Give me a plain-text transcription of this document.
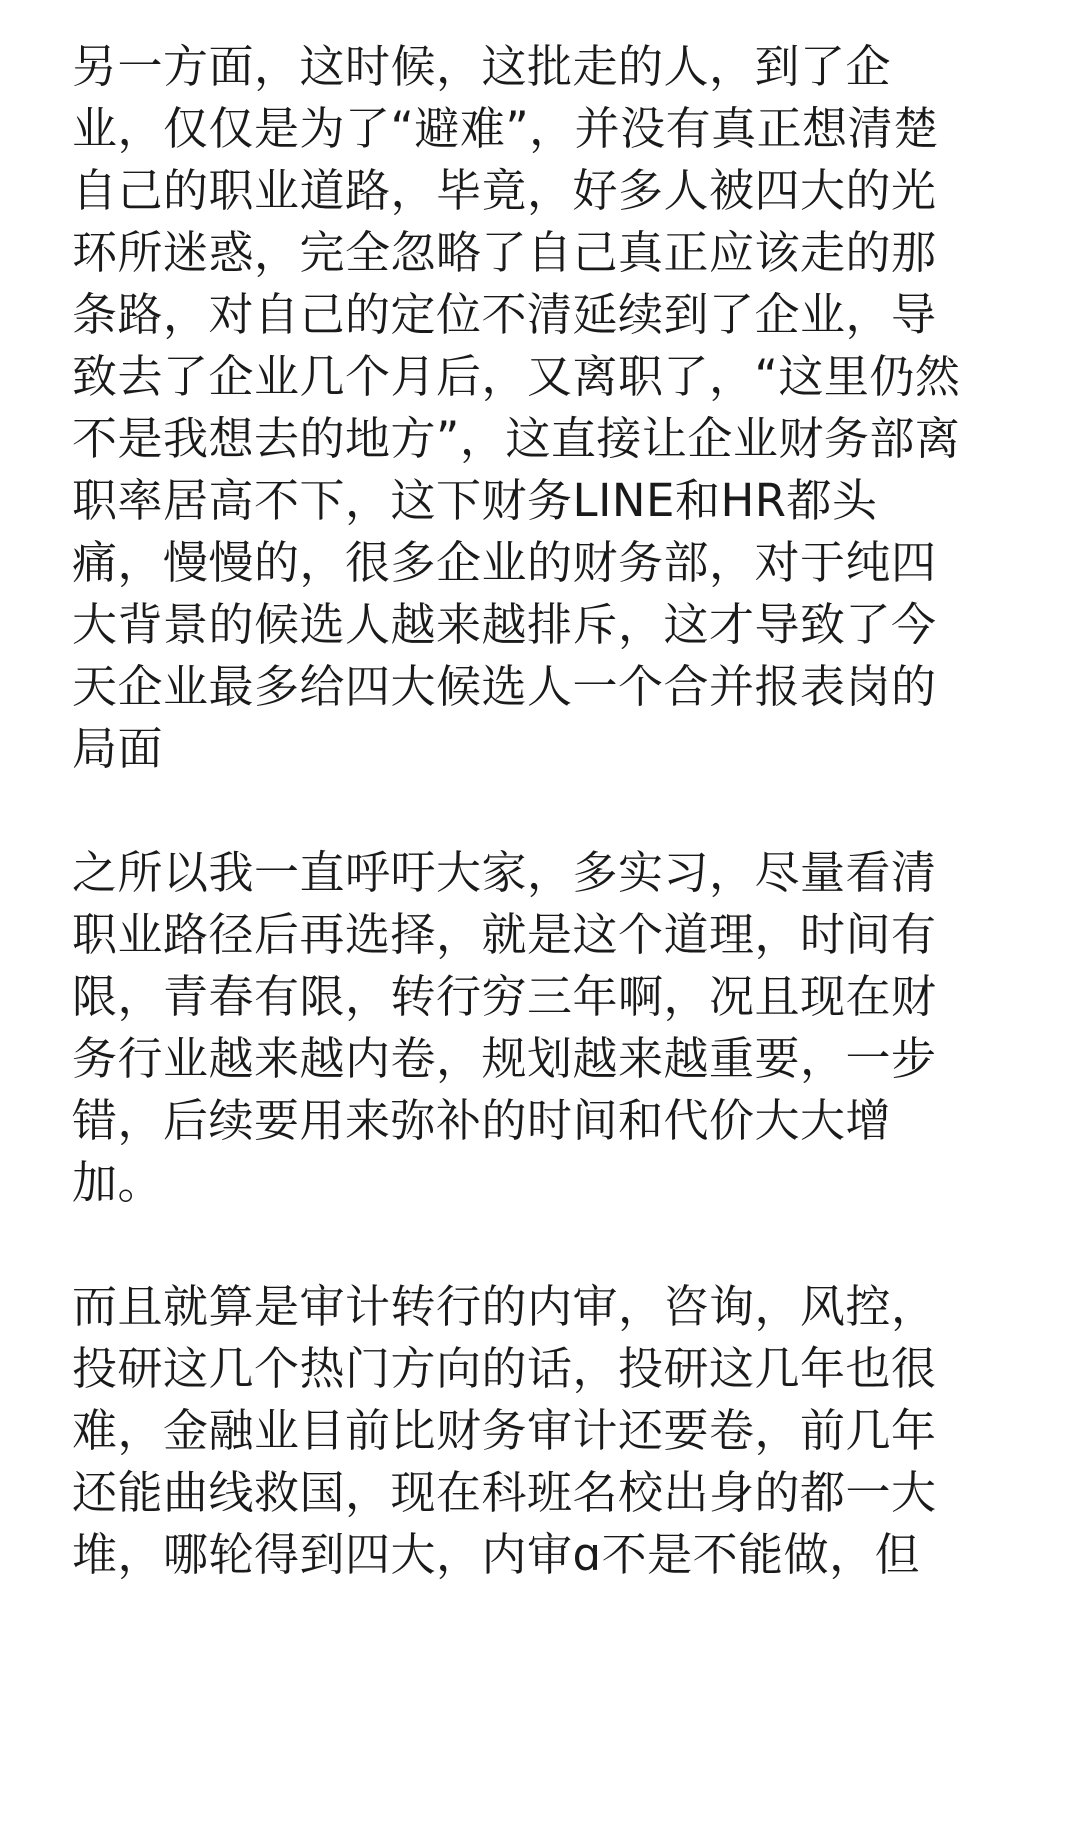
另一方面，这时候，这批走的人，到了企
业，仅仅是为了“避难”，并没有真正想清楚
自己的职业道路，毕竟，好多人被四大的光
环所迷惑，完全忽略了自己真正应该走的那
条路，对自己的定位不清延续到了企业，导
致去了企业几个月后，又离职了，“这里仍然
不是我想去的地方”，这直接让企业财务部离
职率居高不下，这下财务LINE和HR都头
痛，慢慢的，很多企业的财务部，对于纯四
大背景的候选人越来越排斥，这才导致了今
天企业最多给四大候选人一个合并报表岗的
局面
之所以我一直呼吁大家，多实习，尽量看清
职业路径后再选择，就是这个道理，时间有
限，青春有限，转行穷三年啊，况且现在财
务行业越来越内卷，规划越来越重要，一步
错，后续要用来弥补的时间和代价大大增
加。
而且就算是审计转行的内审，咨询，风控，
投研这几个热门方向的话，投研这几年也很
难，金融业目前比财务审计还要卷，前几年
还能曲线救国，现在科班名校出身的都一大
堆，哪轮得到四大，内审ɑ不是不能做，但
